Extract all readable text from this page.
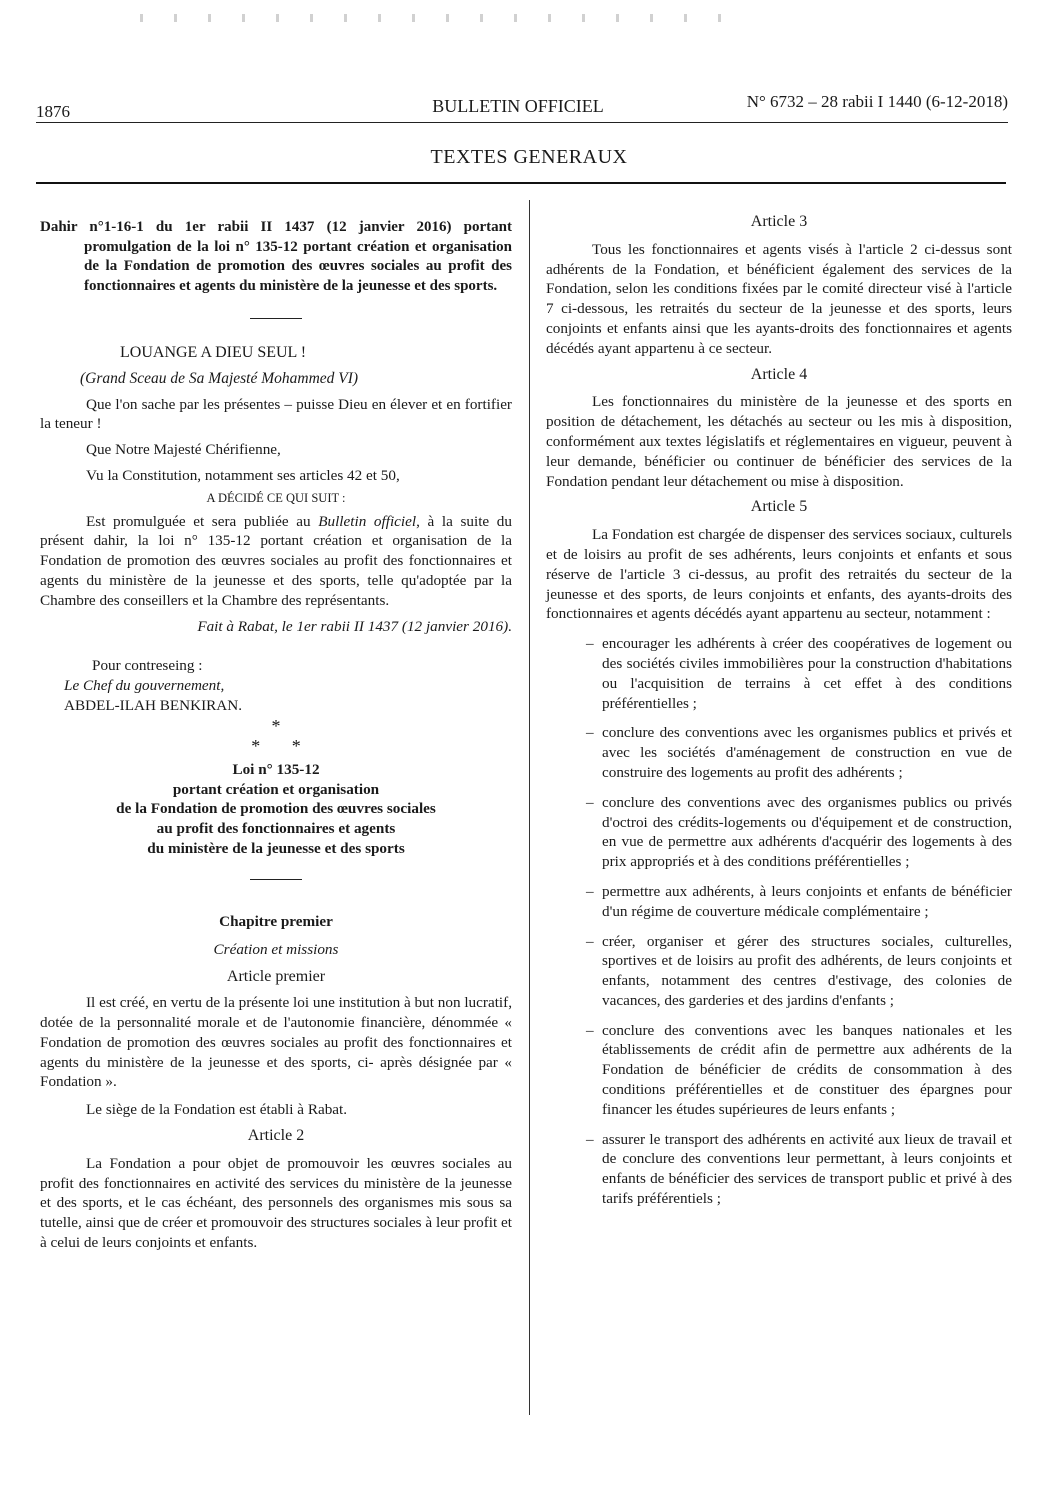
1876	BULLETIN OFFICIEL	N° 6732 – 28 rabii I 1440 (6-12-2018)
TEXTES GENERAUX

Dahir n°1-16-1 du 1er rabii II 1437 (12 janvier 2016) portant promulgation de la loi n° 135-12 portant création et organisation de la Fondation de promotion des œuvres sociales au profit des fonctionnaires et agents du ministère de la jeunesse et des sports.

LOUANGE A DIEU SEUL !

(Grand Sceau de Sa Majesté Mohammed VI)

Que l'on sache par les présentes – puisse Dieu en élever et en fortifier la teneur !

Que Notre Majesté Chérifienne,

Vu la Constitution, notamment ses articles 42 et 50,

A DÉCIDÉ CE QUI SUIT :

Est promulguée et sera publiée au Bulletin officiel, à la suite du présent dahir, la loi n° 135-12 portant création et organisation de la Fondation de promotion des œuvres sociales au profit des fonctionnaires et agents du ministère de la jeunesse et des sports, telle qu'adoptée par la Chambre des conseillers et la Chambre des représentants.

Fait à Rabat, le 1er rabii II 1437 (12 janvier 2016).

Pour contreseing :

Le Chef du gouvernement,

ABDEL-ILAH BENKIRAN.

*

*       *

Loi n° 135-12

portant création et organisation

de la Fondation de promotion des œuvres sociales

au profit des fonctionnaires et agents

du ministère de la jeunesse et des sports

Chapitre premier

Création et missions

Article premier

Il est créé, en vertu de la présente loi une institution à but non lucratif, dotée de la personnalité morale et de l'autonomie financière, dénommée « Fondation de promotion des œuvres sociales au profit des fonctionnaires et agents du ministère de la jeunesse et des sports, ci- après désignée par « Fondation ».

Le siège de la Fondation est établi à Rabat.

Article 2

La Fondation a pour objet de promouvoir les œuvres sociales au profit des fonctionnaires en activité des services du ministère de la jeunesse et des sports, et le cas échéant, des personnels des organismes mis sous sa tutelle, ainsi que de créer et promouvoir des structures sociales à leur profit et à celui de leurs conjoints et enfants.

Article 3

Tous les fonctionnaires et agents visés à l'article 2 ci-dessus sont adhérents de la Fondation, et bénéficient également des services de la Fondation, selon les conditions fixées par le comité directeur visé à l'article 7 ci-dessous, les retraités du secteur de la jeunesse et des sports, leurs conjoints et enfants ainsi que les ayants-droits des fonctionnaires et agents décédés ayant appartenu à ce secteur.

Article 4

Les fonctionnaires du ministère de la jeunesse et des sports en position de détachement, les détachés au secteur ou les mis à disposition, conformément aux textes législatifs et réglementaires en vigueur, peuvent à leur demande, bénéficier ou continuer de bénéficier des services de la Fondation pendant leur détachement ou mise à disposition.

Article 5

La Fondation est chargée de dispenser des services sociaux, culturels et de loisirs au profit de ses adhérents, leurs conjoints et enfants et sous réserve de l'article 3 ci-dessus, au profit des retraités du secteur de la jeunesse et des sports, de leurs conjoints et enfants, des ayants-droits des fonctionnaires et agents décédés ayant appartenu au secteur, notamment :

–
encourager les adhérents à créer des coopératives de logement ou des sociétés civiles immobilières pour la construction d'habitations ou l'acquisition de terrains à cet effet à des conditions préférentielles ;
–
conclure des conventions avec les organismes publics et privés et avec les sociétés d'aménagement de construction en vue de construire des logements au profit des adhérents ;
–
conclure des conventions avec des organismes publics ou privés d'octroi des crédits-logements ou d'équipement et de construction, en vue de permettre aux adhérents d'acquérir des logements à des prix appropriés et à des conditions préférentielles ;
–
permettre aux adhérents, à leurs conjoints et enfants de bénéficier d'un régime de couverture médicale complémentaire ;
–
créer, organiser et gérer des structures sociales, culturelles, sportives et de loisirs au profit des adhérents, de leurs conjoints et enfants, notamment des centres d'estivage, des colonies de vacances, des garderies et des jardins d'enfants ;
–
conclure des conventions avec les banques nationales et les établissements de crédit afin de permettre aux adhérents de la Fondation de bénéficier de crédits de consommation à des conditions préférentielles et de constituer des épargnes pour financer les études supérieures de leurs enfants ;
–
assurer le transport des adhérents en activité aux lieux de travail et de conclure des conventions leur permettant, à leurs conjoints et enfants de bénéficier des services de transport public et privé à des tarifs préférentiels ;
